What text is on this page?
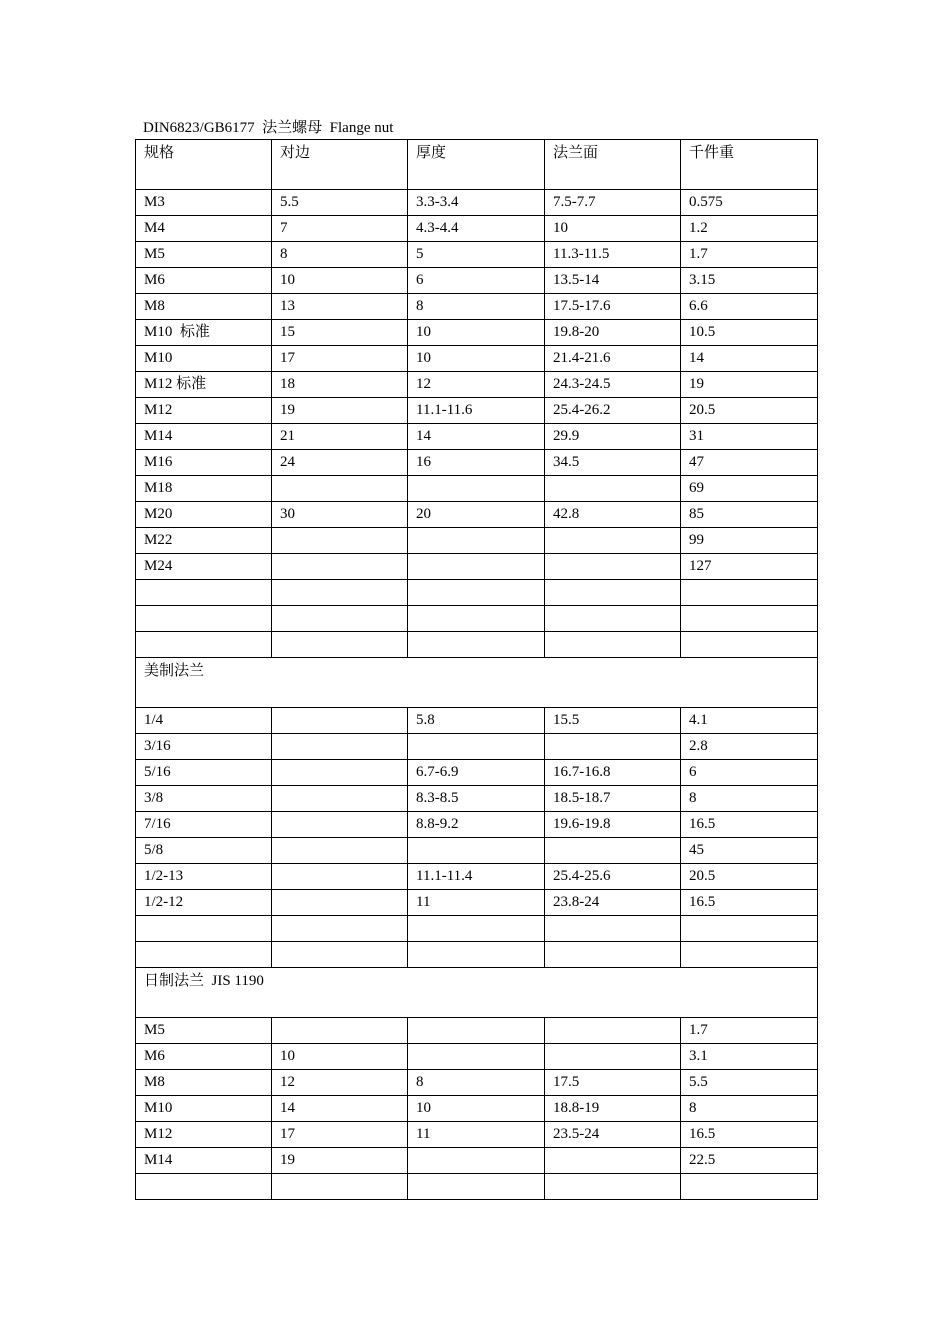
DIN6823/GB6177  法兰螺母  Flange nut
规格	对边	厚度	法兰面	千件重

M3	5.5	3.3-3.4	7.5-7.7	0.575

M4	7	4.3-4.4	10	1.2

M5	8	5	11.3-11.5	1.7

M6	10	6	13.5-14	3.15

M8	13	8	17.5-17.6	6.6

M10  标准	15	10	19.8-20	10.5

M10	17	10	21.4-21.6	14

M12 标准	18	12	24.3-24.5	19

M12	19	11.1-11.6	25.4-26.2	20.5

M14	21	14	29.9	31

M16	24	16	34.5	47

M18				69

M20	30	20	42.8	85

M22				99

M24				127

美制法兰				

1/4		5.8	15.5	4.1

3/16				2.8

5/16		6.7-6.9	16.7-16.8	6

3/8		8.3-8.5	18.5-18.7	8

7/16		8.8-9.2	19.6-19.8	16.5

5/8				45

1/2-13		11.1-11.4	25.4-25.6	20.5

1/2-12		11	23.8-24	16.5

日制法兰  JIS 1190				

M5				1.7

M6	10			3.1

M8	12	8	17.5	5.5

M10	14	10	18.8-19	8

M12	17	11	23.5-24	16.5

M14	19			22.5
